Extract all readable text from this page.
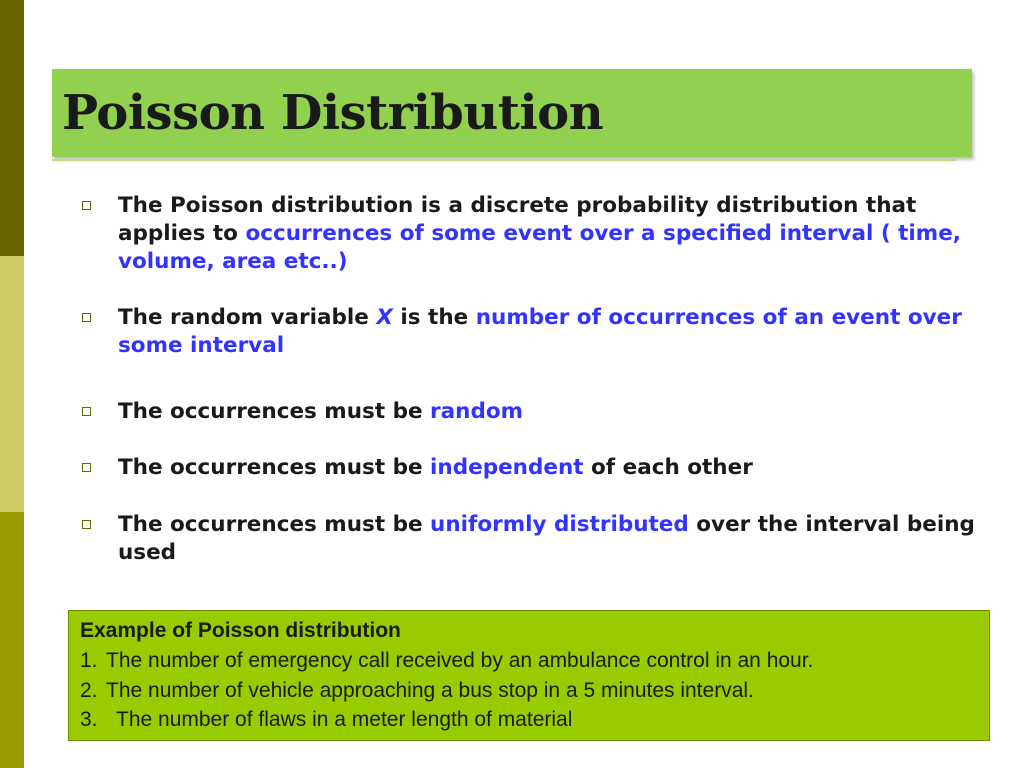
Poisson Distribution
The Poisson distribution is a discrete probability distribution that applies to occurrences of some event over a specified interval ( time, volume, area etc..)
The random variable X is the number of occurrences of an event over some interval
The occurrences must be random
The occurrences must be independent of each other
The occurrences must be uniformly distributed over the interval being used
Example of Poisson distribution
1. The number of emergency call received by an ambulance control in an hour.
2. The number of vehicle approaching a bus stop in a 5 minutes interval.
3. The number of flaws in a meter length of material
